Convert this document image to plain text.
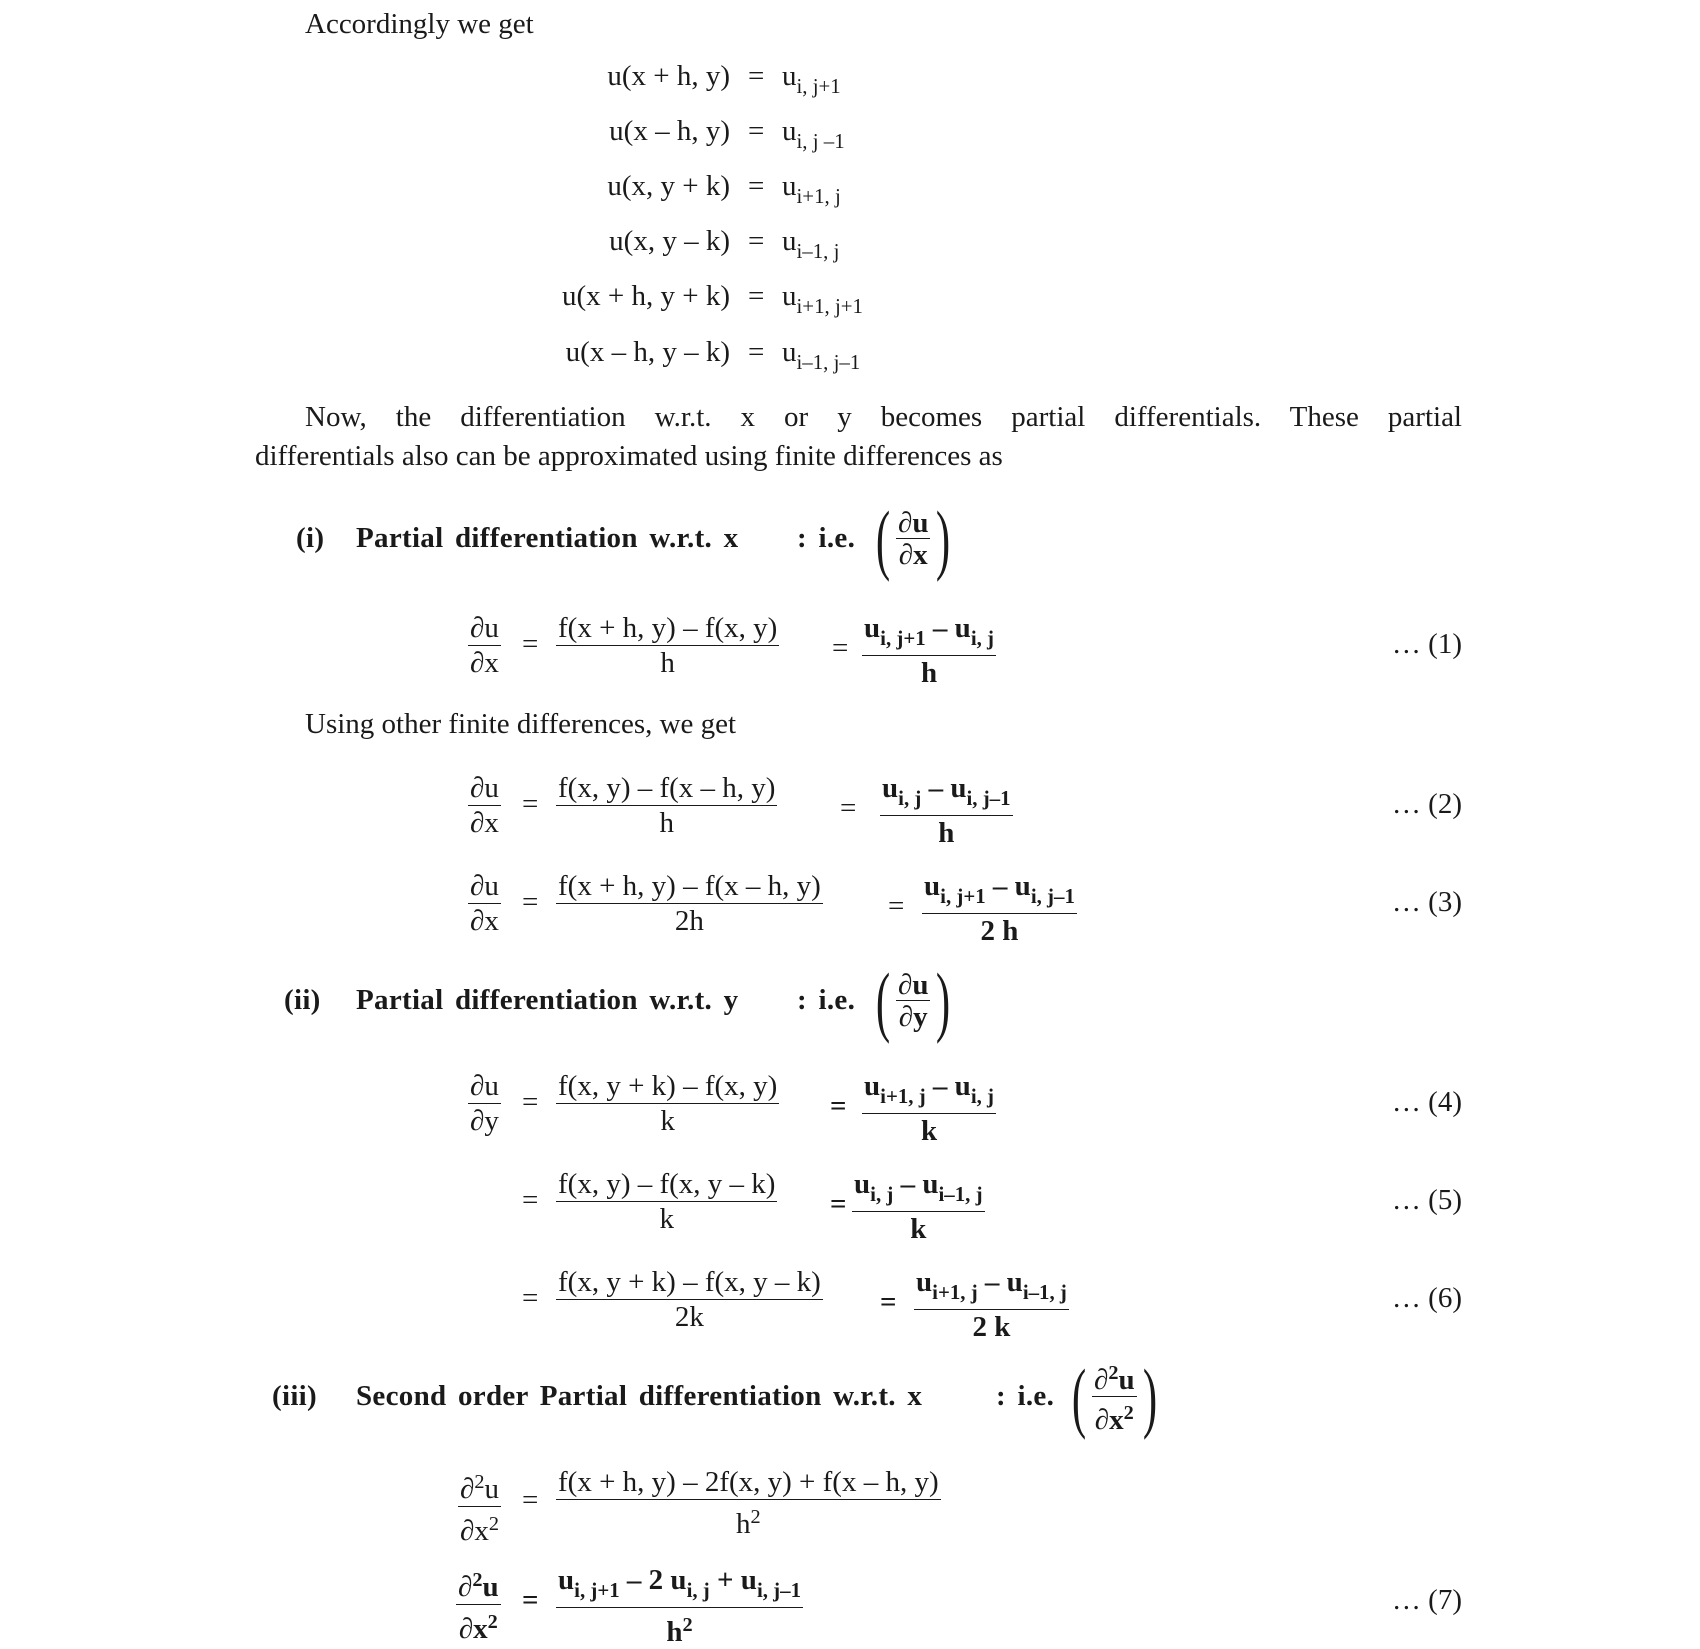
Accordingly we get
u(x + h, $y) = u_{i, j+1}$
u(x – h, $y) = u_{i, j -1}$
u(x, $y + k) = u_{i+1, j}$
u(x, $y - k) = u_{i-1, j}$
u(x + h, $y + k) = u_{i+1, j+1}$
u(x – h, $y - k) = u_{i-1, j-1}$
Now, the differentiation w.r.t. x or y becomes partial differentials. These partial
differentials also can be approximated using finite differences as
(i) Partial differentiation w.r.t. x : i.e. ( $\frac{\partial u}{\partial x}$ )
$\frac{\partial u}{\partial x} = \frac{f(x + h, y) - f(x, y)}{h} = \frac{u_{i, j+1} - u_{i, j}}{h}$	… (1)
Using other finite differences, we get
$\frac{\partial u}{\partial x} = \frac{f(x, y) - f(x - h, y)}{h} = \frac{u_{i, j} - u_{i, j-1}}{h}$	… (2)
$\frac{\partial u}{\partial x} = \frac{f(x + h, y) - f(x - h, y)}{2h} = \frac{u_{i, j+1} - u_{i, j-1}}{2 h}$	… (3)
(ii) Partial differentiation w.r.t. y : i.e. ( $\frac{\partial u}{\partial y}$ )
$\frac{\partial u}{\partial y} = \frac{f(x, y + k) - f(x, y)}{k} = \frac{u_{i+1, j} - u_{i, j}}{k}$	… (4)
= $\frac{f(x, y) - f(x, y - k)}{k} = \frac{u_{i, j} - u_{i-1, j}}{k}$	… (5)
= $\frac{f(x, y + k) - f(x, y - k)}{2k} = \frac{u_{i+1, j} - u_{i-1, j}}{2 k}$	… (6)
(iii) Second order Partial differentiation w.r.t. x	: i.e. ( $\frac{\partial^2u}{\partial x^2}$ )
$\frac{\partial^2u}{\partial x^2} = \frac{f(x + h, y) - 2f(x, y) + f(x - h, y)}{h^2}$
$\frac{\partial^2u}{\partial x^2} = \frac{u_{i, j+1} - 2 u_{i, j} + u_{i, j-1}}{h^2}$	… (7)
